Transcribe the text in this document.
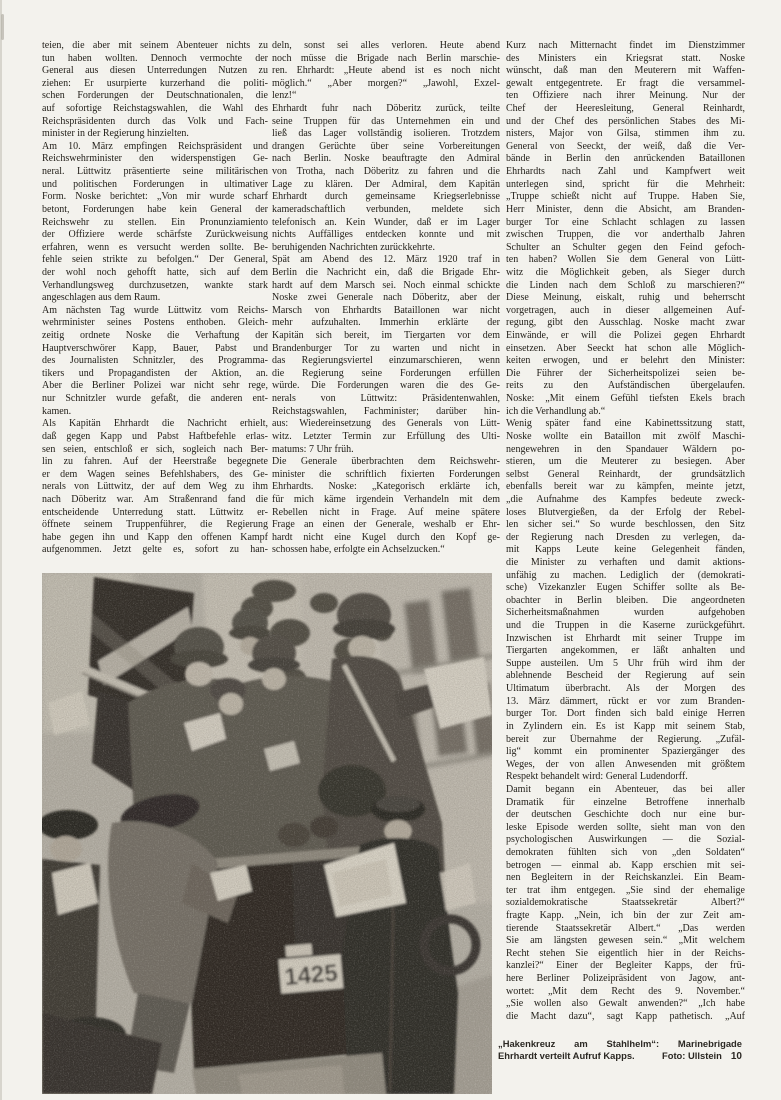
teien, die aber mit seinem Abenteuer nichts zu
tun haben wollten. Dennoch vermochte der
General aus diesen Unterredungen Nutzen zu
ziehen: Er usurpierte kurzerhand die politi-
schen Forderungen der Deutschnationalen, die
auf sofortige Reichstagswahlen, die Wahl des
Reichspräsidenten durch das Volk und Fach-
minister in der Regierung hinzielten.
Am 10. März empfingen Reichspräsident und
Reichswehrminister den widerspenstigen Ge-
neral. Lüttwitz präsentierte seine militärischen
und politischen Forderungen in ultimativer
Form. Noske berichtet: „Von mir wurde scharf
betont, Forderungen habe kein General der
Reichswehr zu stellen. Ein Pronunziamiento
der Offiziere werde schärfste Zurückweisung
erfahren, wenn es versucht werden sollte. Be-
fehle seien strikte zu befolgen.“ Der General,
der wohl noch gehofft hatte, sich auf dem
Verhandlungsweg durchzusetzen, wankte stark
angeschlagen aus dem Raum.
Am nächsten Tag wurde Lüttwitz vom Reichs-
wehrminister seines Postens enthoben. Gleich-
zeitig ordnete Noske die Verhaftung der
Hauptverschwörer Kapp, Bauer, Pabst und
des Journalisten Schnitzler, des Programma-
tikers und Propagandisten der Aktion, an.
Aber die Berliner Polizei war nicht sehr rege,
nur Schnitzler wurde gefaßt, die anderen ent-
kamen.
Als Kapitän Ehrhardt die Nachricht erhielt,
daß gegen Kapp und Pabst Haftbefehle erlas-
sen seien, entschloß er sich, sogleich nach Ber-
lin zu fahren. Auf der Heerstraße begegnete
er dem Wagen seines Befehlshabers, des Ge-
nerals von Lüttwitz, der auf dem Weg zu ihm
nach Döberitz war. Am Straßenrand fand die
entscheidende Unterredung statt. Lüttwitz er-
öffnete seinem Truppenführer, die Regierung
habe gegen ihn und Kapp den offenen Kampf
aufgenommen. Jetzt gelte es, sofort zu han-
deln, sonst sei alles verloren. Heute abend
noch müsse die Brigade nach Berlin marschie-
ren. Ehrhardt: „Heute abend ist es noch nicht
möglich.“ „Aber morgen?“ „Jawohl, Exzel-
lenz!“
Ehrhardt fuhr nach Döberitz zurück, teilte
seine Truppen für das Unternehmen ein und
ließ das Lager vollständig isolieren. Trotzdem
drangen Gerüchte über seine Vorbereitungen
nach Berlin. Noske beauftragte den Admiral
von Trotha, nach Döberitz zu fahren und die
Lage zu klären. Der Admiral, dem Kapitän
Ehrhardt durch gemeinsame Kriegserlebnisse
kameradschaftlich verbunden, meldete sich
telefonisch an. Kein Wunder, daß er im Lager
nichts Auffälliges entdecken konnte und mit
beruhigenden Nachrichten zurückkehrte.
Spät am Abend des 12. März 1920 traf in
Berlin die Nachricht ein, daß die Brigade Ehr-
hardt auf dem Marsch sei. Noch einmal schickte
Noske zwei Generale nach Döberitz, aber der
Marsch von Ehrhardts Bataillonen war nicht
mehr aufzuhalten. Immerhin erklärte der
Kapitän sich bereit, im Tiergarten vor dem
Brandenburger Tor zu warten und nicht in
das Regierungsviertel einzumarschieren, wenn
die Regierung seine Forderungen erfüllen
würde. Die Forderungen waren die des Ge-
nerals von Lüttwitz: Präsidentenwahlen,
Reichstagswahlen, Fachminister; darüber hin-
aus: Wiedereinsetzung des Generals von Lütt-
witz. Letzter Termin zur Erfüllung des Ulti-
matums: 7 Uhr früh.
Die Generale überbrachten dem Reichswehr-
minister die schriftlich fixierten Forderungen
Ehrhardts. Noske: „Kategorisch erklärte ich,
für mich käme irgendein Verhandeln mit dem
Rebellen nicht in Frage. Auf meine spätere
Frage an einen der Generale, weshalb er Ehr-
hardt nicht eine Kugel durch den Kopf ge-
schossen habe, erfolgte ein Achselzucken.“
Kurz nach Mitternacht findet im Dienstzimmer
des Ministers ein Kriegsrat statt. Noske
wünscht, daß man den Meuterern mit Waffen-
gewalt entgegentrete. Er fragt die versammel-
ten Offiziere nach ihrer Meinung. Nur der
Chef der Heeresleitung, General Reinhardt,
und der Chef des persönlichen Stabes des Mi-
nisters, Major von Gilsa, stimmen ihm zu.
General von Seeckt, der weiß, daß die Ver-
bände in Berlin den anrückenden Bataillonen
Ehrhardts nach Zahl und Kampfwert weit
unterlegen sind, spricht für die Mehrheit:
„Truppe schießt nicht auf Truppe. Haben Sie,
Herr Minister, denn die Absicht, am Branden-
burger Tor eine Schlacht schlagen zu lassen
zwischen Truppen, die vor anderthalb Jahren
Schulter an Schulter gegen den Feind gefoch-
ten haben? Wollen Sie dem General von Lütt-
witz die Möglichkeit geben, als Sieger durch
die Linden nach dem Schloß zu marschieren?“
Diese Meinung, eiskalt, ruhig und beherrscht
vorgetragen, auch in dieser allgemeinen Auf-
regung, gibt den Ausschlag. Noske macht zwar
Einwände, er will die Polizei gegen Ehrhardt
einsetzen. Aber Seeckt hat schon alle Möglich-
keiten erwogen, und er belehrt den Minister:
Die Führer der Sicherheitspolizei seien be-
reits zu den Aufständischen übergelaufen.
Noske: „Mit einem Gefühl tiefsten Ekels brach
ich die Verhandlung ab.“
Wenig später fand eine Kabinettssitzung statt,
Noske wollte ein Bataillon mit zwölf Maschi-
nengewehren in den Spandauer Wäldern po-
stieren, um die Meuterer zu besiegen. Aber
selbst General Reinhardt, der grundsätzlich
ebenfalls bereit war zu kämpfen, meinte jetzt,
„die Aufnahme des Kampfes bedeute zweck-
loses Blutvergießen, da der Erfolg der Rebel-
len sicher sei.“ So wurde beschlossen, den Sitz
der Regierung nach Dresden zu verlegen, da-
mit Kapps Leute keine Gelegenheit fänden,
die Minister zu verhaften und damit aktions-
unfähig zu machen. Lediglich der (demokrati-
sche) Vizekanzler Eugen Schiffer sollte als Be-
obachter in Berlin bleiben. Die angeordneten
Sicherheitsmaßnahmen wurden aufgehoben
und die Truppen in die Kaserne zurückgeführt.
Inzwischen ist Ehrhardt mit seiner Truppe im
Tiergarten angekommen, er läßt anhalten und
Suppe austeilen. Um 5 Uhr früh wird ihm der
ablehnende Bescheid der Regierung auf sein
Ultimatum überbracht. Als der Morgen des
13. März dämmert, rückt er vor zum Branden-
burger Tor. Dort finden sich bald einige Herren
in Zylindern ein. Es ist Kapp mit seinem Stab,
bereit zur Übernahme der Regierung. „Zufäl-
lig“ kommt ein prominenter Spaziergänger des
Weges, der von allen Anwesenden mit größtem
Respekt behandelt wird: General Ludendorff.
Damit begann ein Abenteuer, das bei aller
Dramatik für einzelne Betroffene innerhalb
der deutschen Geschichte doch nur eine bur-
leske Episode werden sollte, sieht man von den
psychologischen Auswirkungen — die Sozial-
demokraten fühlten sich von „den Soldaten“
betrogen — einmal ab. Kapp erschien mit sei-
nen Begleitern in der Reichskanzlei. Ein Beam-
ter trat ihm entgegen. „Sie sind der ehemalige
sozialdemokratische Staatssekretär Albert?“
fragte Kapp. „Nein, ich bin der zur Zeit am-
tierende Staatssekretär Albert.“ „Das werden
Sie am längsten gewesen sein.“ „Mit welchem
Recht stehen Sie eigentlich hier in der Reichs-
kanzlei?“ Einer der Begleiter Kapps, der frü-
here Berliner Polizeipräsident von Jagow, ant-
wortet: „Mit dem Recht des 9. November.“
„Sie wollen also Gewalt anwenden?“ „Ich habe
die Macht dazu“, sagt Kapp pathetisch. „Auf
1425
„Hakenkreuz am Stahlhelm“: Marinebrigade
Ehrhardt verteilt Aufruf Kapps.	Foto: Ullstein 10
